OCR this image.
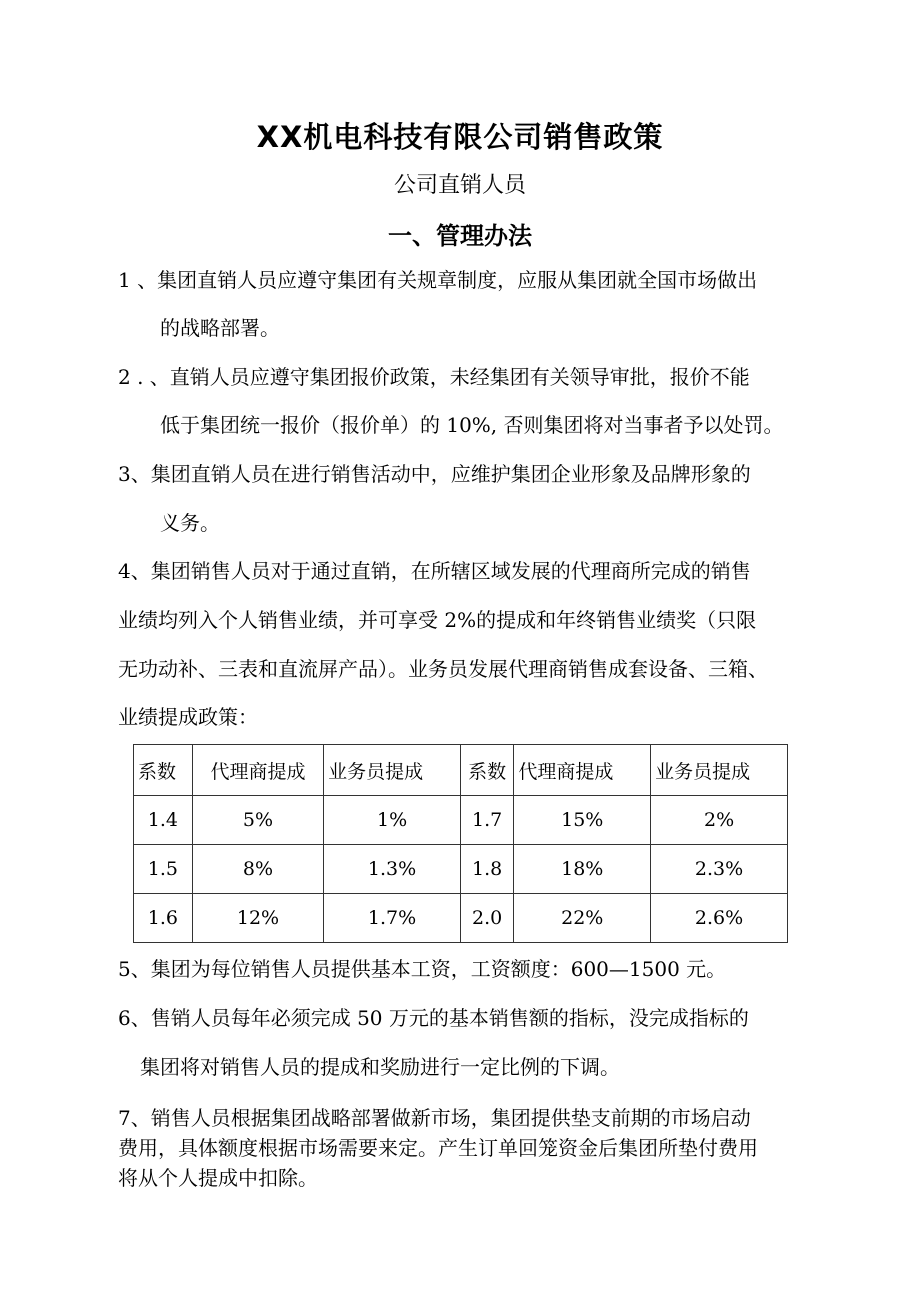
XX机电科技有限公司销售政策
公司直销人员
一、管理办法
1 、集团直销人员应遵守集团有关规章制度，应服从集团就全国市场做出
的战略部署。
2 . 、直销人员应遵守集团报价政策，未经集团有关领导审批，报价不能
低于集团统一报价（报价单）的 10%, 否则集团将对当事者予以处罚。
3、集团直销人员在进行销售活动中，应维护集团企业形象及品牌形象的
义务。
4、集团销售人员对于通过直销，在所辖区域发展的代理商所完成的销售
业绩均列入个人销售业绩，并可享受 2%的提成和年终销售业绩奖（只限
无功动补、三表和直流屏产品）。业务员发展代理商销售成套设备、三箱、
业绩提成政策：
系数	代理商提成	业务员提成	系数	代理商提成	业务员提成
1.4	5%	1%	1.7	15%	2%
1.5	8%	1.3%	1.8	18%	2.3%
1.6	12%	1.7%	2.0	22%	2.6%
5、集团为每位销售人员提供基本工资，工资额度：600—1500 元。
6、售销人员每年必须完成 50 万元的基本销售额的指标，没完成指标的
集团将对销售人员的提成和奖励进行一定比例的下调。
7、销售人员根据集团战略部署做新市场，集团提供垫支前期的市场启动
费用，具体额度根据市场需要来定。产生订单回笼资金后集团所垫付费用
将从个人提成中扣除。
